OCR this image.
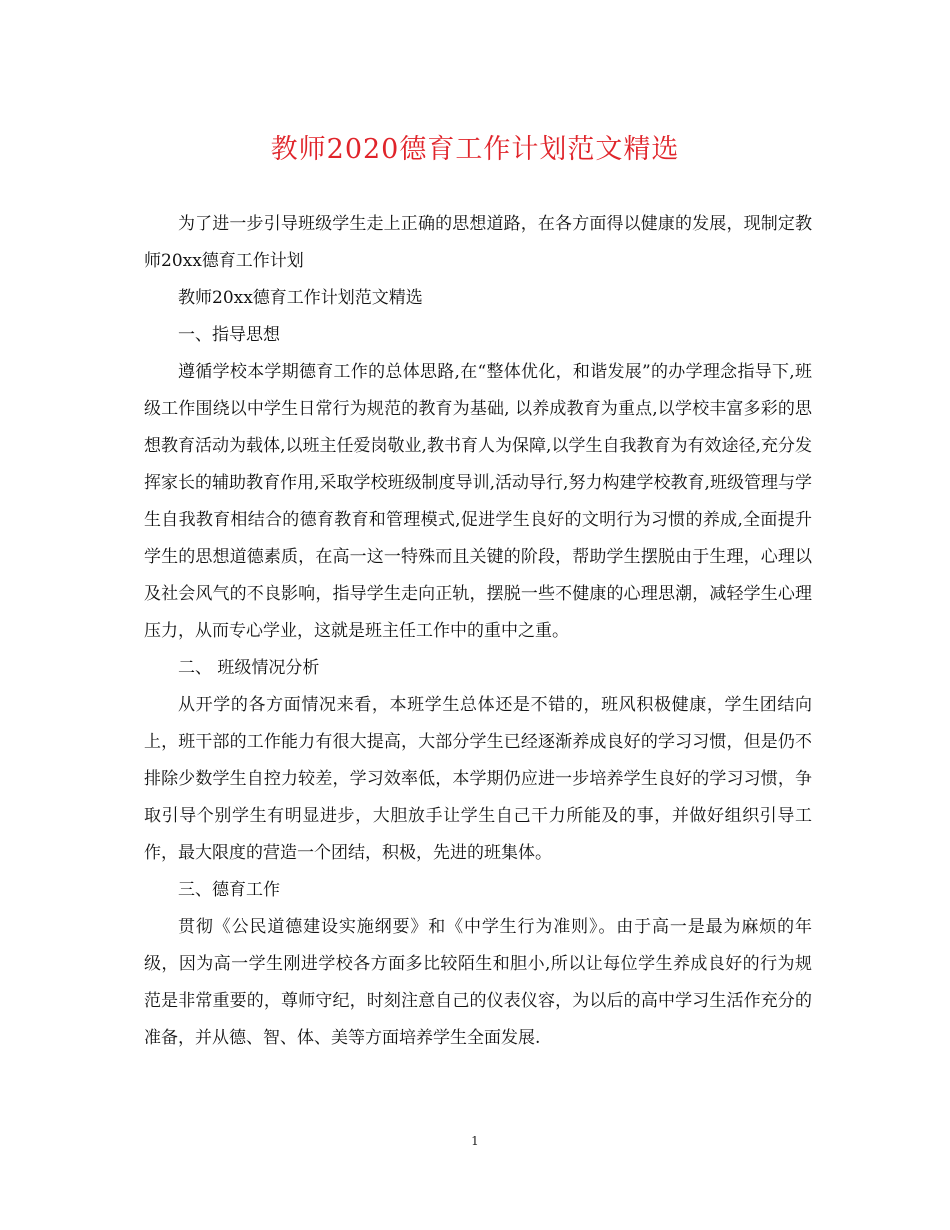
教师2020德育工作计划范文精选

为了进一步引导班级学生走上正确的思想道路，在各方面得以健康的发展，现制定教师20xx德育工作计划

教师20xx德育工作计划范文精选

一、指导思想

遵循学校本学期德育工作的总体思路,在“整体优化，和谐发展”的办学理念指导下,班级工作围绕以中学生日常行为规范的教育为基础, 以养成教育为重点,以学校丰富多彩的思想教育活动为载体,以班主任爱岗敬业,教书育人为保障,以学生自我教育为有效途径,充分发挥家长的辅助教育作用,采取学校班级制度导训,活动导行,努力构建学校教育,班级管理与学生自我教育相结合的德育教育和管理模式,促进学生良好的文明行为习惯的养成,全面提升学生的思想道德素质，在高一这一特殊而且关键的阶段，帮助学生摆脱由于生理，心理以及社会风气的不良影响，指导学生走向正轨，摆脱一些不健康的心理思潮，减轻学生心理压力，从而专心学业，这就是班主任工作中的重中之重。

二、 班级情况分析

从开学的各方面情况来看，本班学生总体还是不错的，班风积极健康，学生团结向上，班干部的工作能力有很大提高，大部分学生已经逐渐养成良好的学习习惯，但是仍不排除少数学生自控力较差，学习效率低，本学期仍应进一步培养学生良好的学习习惯，争取引导个别学生有明显进步，大胆放手让学生自己干力所能及的事，并做好组织引导工作，最大限度的营造一个团结，积极，先进的班集体。

三、德育工作

贯彻《公民道德建设实施纲要》和《中学生行为准则》。由于高一是最为麻烦的年级，因为高一学生刚进学校各方面多比较陌生和胆小,所以让每位学生养成良好的行为规范是非常重要的，尊师守纪，时刻注意自己的仪表仪容，为以后的高中学习生活作充分的准备，并从德、智、体、美等方面培养学生全面发展.

1
